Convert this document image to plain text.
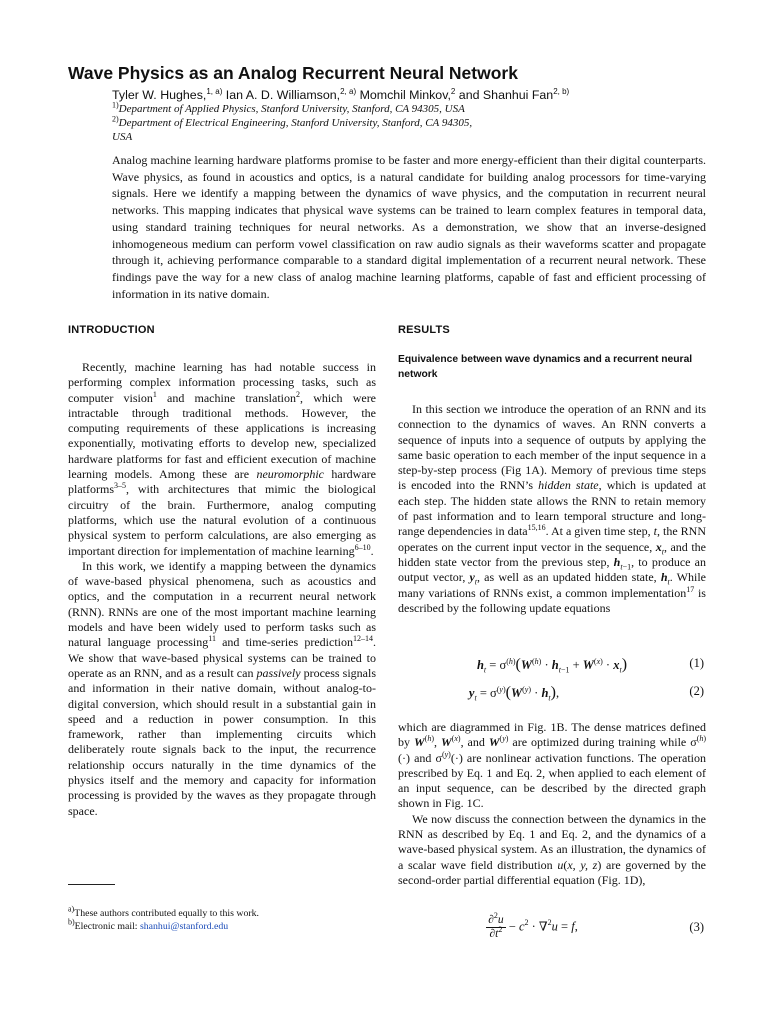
Wave Physics as an Analog Recurrent Neural Network
Tyler W. Hughes,$^{1, a)}$ Ian A. D. Williamson,$^{2, a)}$ Momchil Minkov,$^2$ and Shanhui Fan$^{2, b)}$
$^{1)}$Department of Applied Physics, Stanford University, Stanford, CA 94305, USA
$^{2)}$Department of Electrical Engineering, Stanford University, Stanford, CA 94305,
USA
Analog machine learning hardware platforms promise to be faster and more energy-efficient than their digital counterparts. Wave physics, as found in acoustics and optics, is a natural candidate for building analog processors for time-varying signals. Here we identify a mapping between the dynamics of wave physics, and the computation in recurrent neural networks. This mapping indicates that physical wave systems can be trained to learn complex features in temporal data, using standard training techniques for neural networks. As a demonstration, we show that an inverse-designed inhomogeneous medium can perform vowel classification on raw audio signals as their waveforms scatter and propagate through it, achieving performance comparable to a standard digital implementation of a recurrent neural network. These findings pave the way for a new class of analog machine learning platforms, capable of fast and efficient processing of information in its native domain.
INTRODUCTION	RESULTS

Recently, machine learning has had notable success in performing complex information processing tasks, such as computer vision$^1$ and machine translation$^2$, which were intractable through traditional methods. However, the computing requirements of these applications is increasing exponentially, motivating efforts to develop new, specialized hardware platforms for fast and efficient execution of machine learning models. Among these are neuromorphic hardware platforms$^{3-5}$, with architectures that mimic the biological circuitry of the brain. Furthermore, analog computing platforms, which use the natural evolution of a continuous physical system to perform calculations, are also emerging as important direction for implementation of machine learning$^{6-10}$.

In this work, we identify a mapping between the dynamics of wave-based physical phenomena, such as acoustics and optics, and the computation in a recurrent neural network (RNN). RNNs are one of the most important machine learning models and have been widely used to perform tasks such as natural language processing$^{11}$ and time-series prediction$^{12-14}$. We show that wave-based physical systems can be trained to operate as an RNN, and as a result can passively process signals and information in their native domain, without analog-to-digital conversion, which should result in a substantial gain in speed and a reduction in power consumption. In this framework, rather than implementing circuits which deliberately route signals back to the input, the recurrence relationship occurs naturally in the time dynamics of the physics itself and the memory and capacity for information processing is provided by the waves as they propagate through space.

Equivalence between wave dynamics and a recurrent neural network

In this section we introduce the operation of an RNN and its connection to the dynamics of waves. An RNN converts a sequence of inputs into a sequence of outputs by applying the same basic operation to each member of the input sequence in a step-by-step process (Fig 1A). Memory of previous time steps is encoded into the RNN’s hidden state, which is updated at each step. The hidden state allows the RNN to retain memory of past information and to learn temporal structure and long-range dependencies in data$^{15,16}$. At a given time step, t, the RNN operates on the current input vector in the sequence, $x_t$, and the hidden state vector from the previous step, $h_{t-1}$, to produce an output vector, $y_t$, as well as an updated hidden state, $h_t$. While many variations of RNNs exist, a common implementation$^{17}$ is described by the following update equations

$h_t = \sigma^{(h)}(W^{(h)} \cdot h_{t-1} + W^{(x)} \cdot x_t)$	(1)
$y_t = \sigma^{(y)}(W^{(y)} \cdot h_t)$,	(2)

which are diagrammed in Fig. 1B. The dense matrices defined by $W^{(h)}$, $W^{(x)}$, and $W^{(y)}$ are optimized during training while $\sigma^{(h)}(\cdot)$ and $\sigma^{(y)}(\cdot)$ are nonlinear activation functions. The operation prescribed by Eq. 1 and Eq. 2, when applied to each element of an input sequence, can be described by the directed graph shown in Fig. 1C.

We now discuss the connection between the dynamics in the RNN as described by Eq. 1 and Eq. 2, and the dynamics of a wave-based physical system. As an illustration, the dynamics of a scalar wave field distribution u(x, y, z) are governed by the second-order partial differential equation (Fig. 1D),

$\frac{\partial^2u}{\partial t^2} - c^2 \cdot \nabla^2u = f$,	(3)
$^{a)}$These authors contributed equally to this work.
$^{b)}$Electronic mail: shanhui@stanford.edu
